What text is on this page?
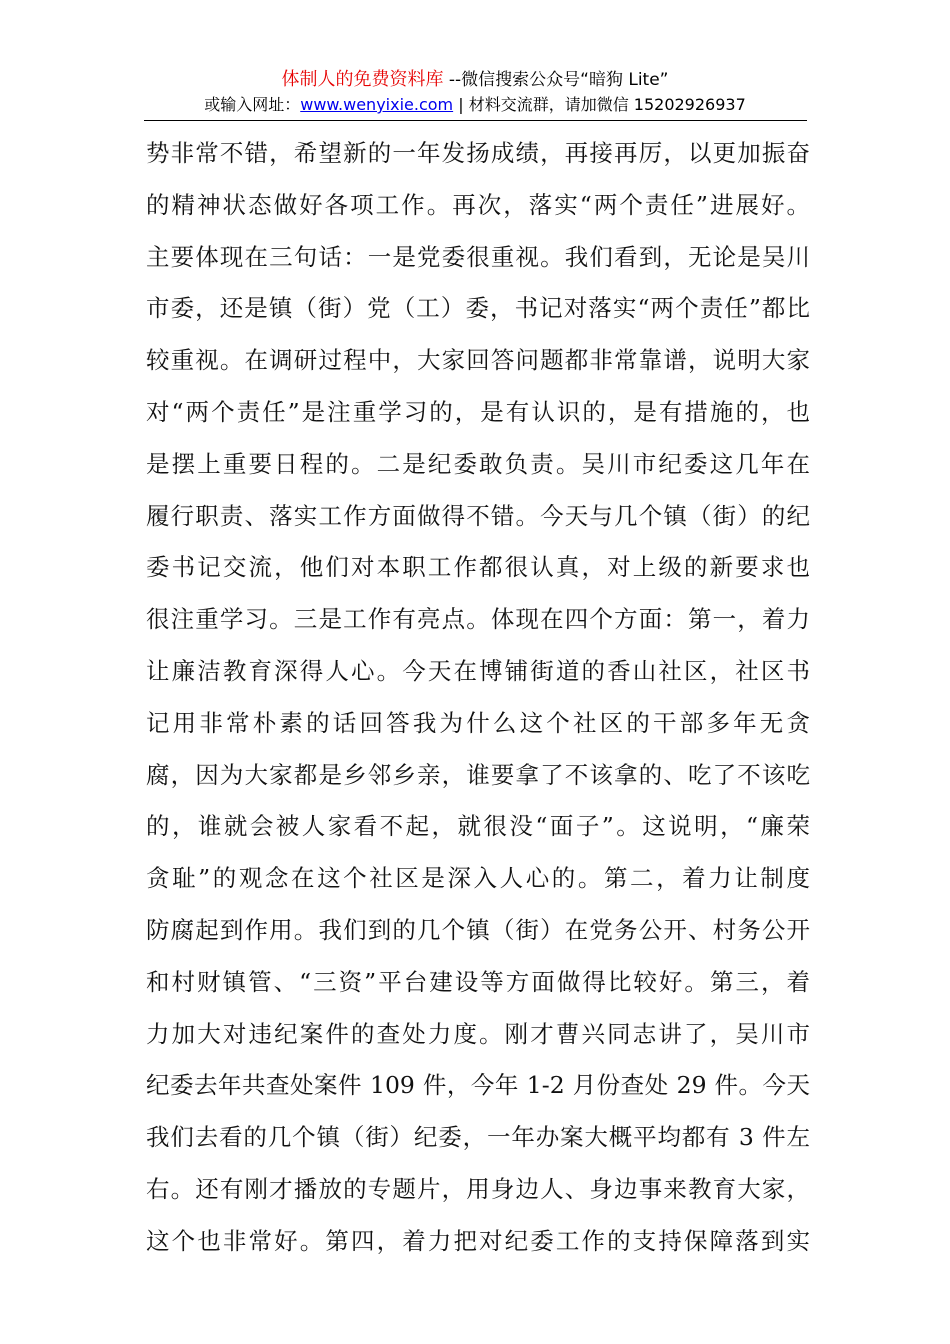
体制人的免费资料库 --微信搜索公众号“暗狗 Lite”
或输入网址：www.wenyixie.com | 材料交流群，请加微信 15202926937
势非常不错，希望新的一年发扬成绩，再接再厉，以更加振奋
的精神状态做好各项工作。再次，落实“两个责任”进展好。
主要体现在三句话：一是党委很重视。我们看到，无论是吴川
市委，还是镇（街）党（工）委，书记对落实“两个责任”都比
较重视。在调研过程中，大家回答问题都非常靠谱，说明大家
对“两个责任”是注重学习的，是有认识的，是有措施的，也
是摆上重要日程的。二是纪委敢负责。吴川市纪委这几年在
履行职责、落实工作方面做得不错。今天与几个镇（街）的纪
委书记交流，他们对本职工作都很认真，对上级的新要求也
很注重学习。三是工作有亮点。体现在四个方面：第一，着力
让廉洁教育深得人心。今天在博铺街道的香山社区，社区书
记用非常朴素的话回答我为什么这个社区的干部多年无贪
腐，因为大家都是乡邻乡亲，谁要拿了不该拿的、吃了不该吃
的，谁就会被人家看不起，就很没“面子”。这说明，“廉荣
贪耻”的观念在这个社区是深入人心的。第二，着力让制度
防腐起到作用。我们到的几个镇（街）在党务公开、村务公开
和村财镇管、“三资”平台建设等方面做得比较好。第三，着
力加大对违纪案件的查处力度。刚才曹兴同志讲了，吴川市
纪委去年共查处案件 109 件，今年 1-2 月份查处 29 件。今天
我们去看的几个镇（街）纪委，一年办案大概平均都有 3 件左
右。还有刚才播放的专题片，用身边人、身边事来教育大家，
这个也非常好。第四，着力把对纪委工作的支持保障落到实
